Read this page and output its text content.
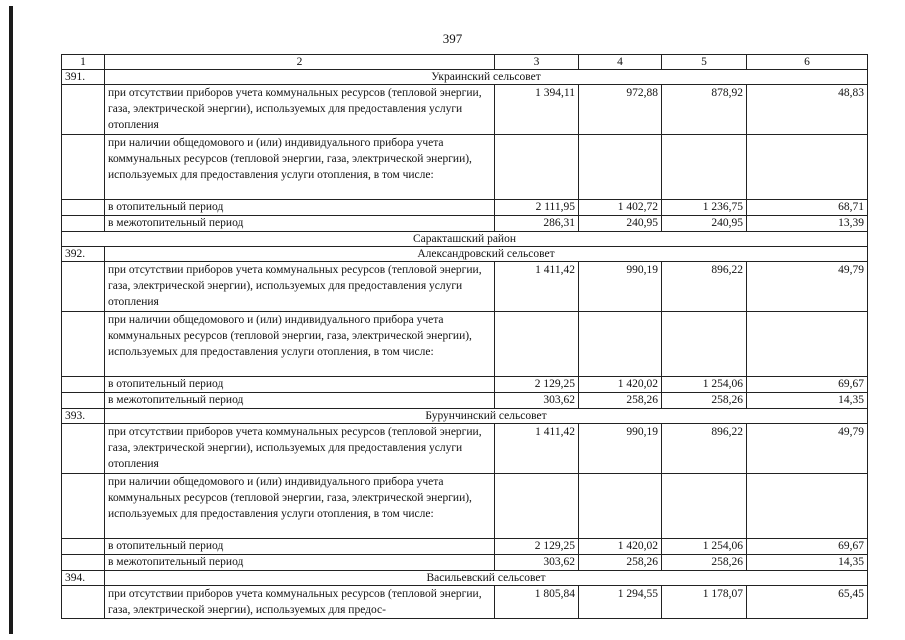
397
1	2	3	4	5	6
391.	Украинский сельсовет				
	при отсутствии приборов учета коммунальных ресурсов (тепловой энергии, газа, электрической энергии), используемых для предоставления услуги отопления	1 394,11	972,88	878,92	48,83
	при наличии общедомового и (или) индивидуального прибора учета коммунальных ресурсов (тепловой энергии, газа, электрической энергии), используемых для предоставления услуги отопления, в том числе:				
	в отопительный период	2 111,95	1 402,72	1 236,75	68,71
	в межотопительный период	286,31	240,95	240,95	13,39
Саракташский район					
392.	Александровский сельсовет				
	при отсутствии приборов учета коммунальных ресурсов (тепловой энергии, газа, электрической энергии), используемых для предоставления услуги отопления	1 411,42	990,19	896,22	49,79
	при наличии общедомового и (или) индивидуального прибора учета коммунальных ресурсов (тепловой энергии, газа, электрической энергии), используемых для предоставления услуги отопления, в том числе:				
	в отопительный период	2 129,25	1 420,02	1 254,06	69,67
	в межотопительный период	303,62	258,26	258,26	14,35
393.	Бурунчинский сельсовет				
	при отсутствии приборов учета коммунальных ресурсов (тепловой энергии, газа, электрической энергии), используемых для предоставления услуги отопления	1 411,42	990,19	896,22	49,79
	при наличии общедомового и (или) индивидуального прибора учета коммунальных ресурсов (тепловой энергии, газа, электрической энергии), используемых для предоставления услуги отопления, в том числе:				
	в отопительный период	2 129,25	1 420,02	1 254,06	69,67
	в межотопительный период	303,62	258,26	258,26	14,35
394.	Васильевский сельсовет				
	при отсутствии приборов учета коммунальных ресурсов (тепловой энергии, газа, электрической энергии), используемых для предос-	1 805,84	1 294,55	1 178,07	65,45
